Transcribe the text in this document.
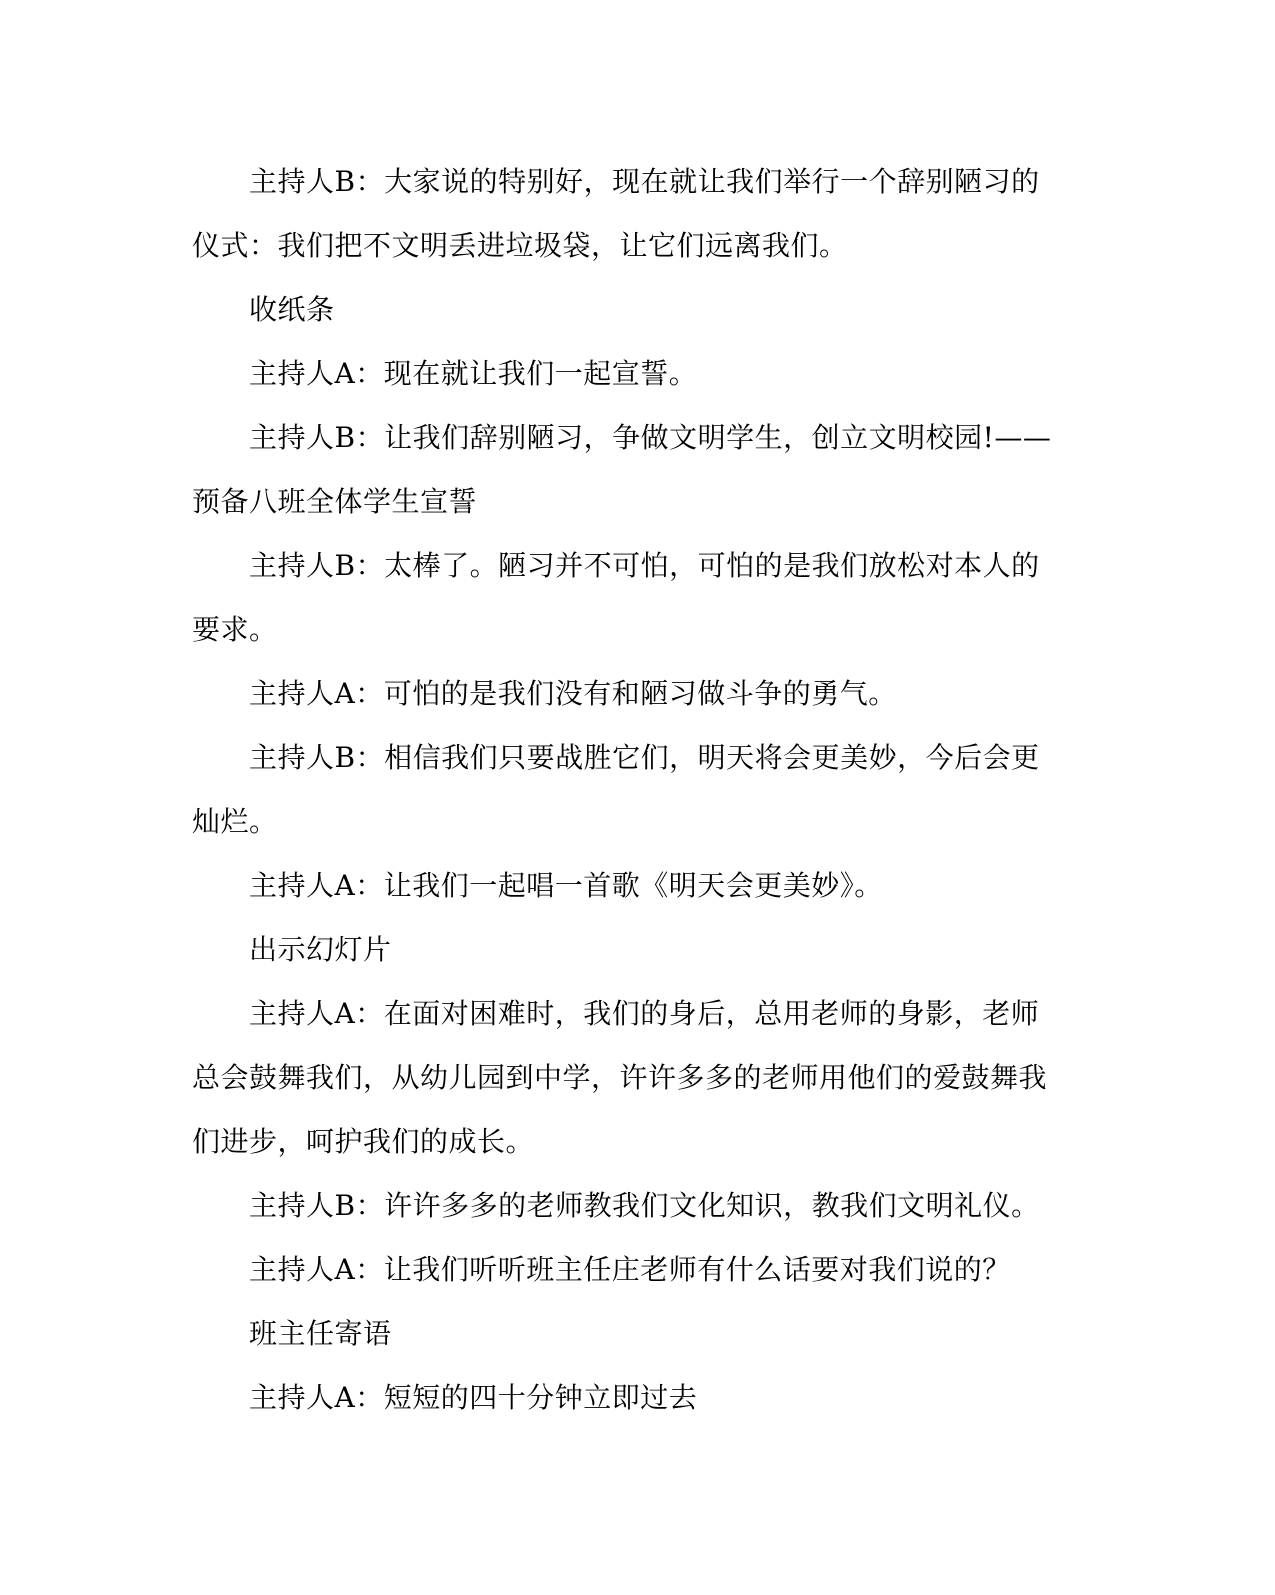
主持人B：大家说的特别好，现在就让我们举行一个辞别陋习的仪式：我们把不文明丢进垃圾袋，让它们远离我们。

收纸条

主持人A：现在就让我们一起宣誓。

主持人B：让我们辞别陋习，争做文明学生，创立文明校园!——预备八班全体学生宣誓

主持人B：太棒了。陋习并不可怕，可怕的是我们放松对本人的要求。

主持人A：可怕的是我们没有和陋习做斗争的勇气。

主持人B：相信我们只要战胜它们，明天将会更美妙，今后会更灿烂。

主持人A：让我们一起唱一首歌《明天会更美妙》。

出示幻灯片

主持人A：在面对困难时，我们的身后，总用老师的身影，老师总会鼓舞我们，从幼儿园到中学，许许多多的老师用他们的爱鼓舞我们进步，呵护我们的成长。

主持人B：许许多多的老师教我们文化知识，教我们文明礼仪。

主持人A：让我们听听班主任庄老师有什么话要对我们说的？

班主任寄语

主持人A：短短的四十分钟立即过去
